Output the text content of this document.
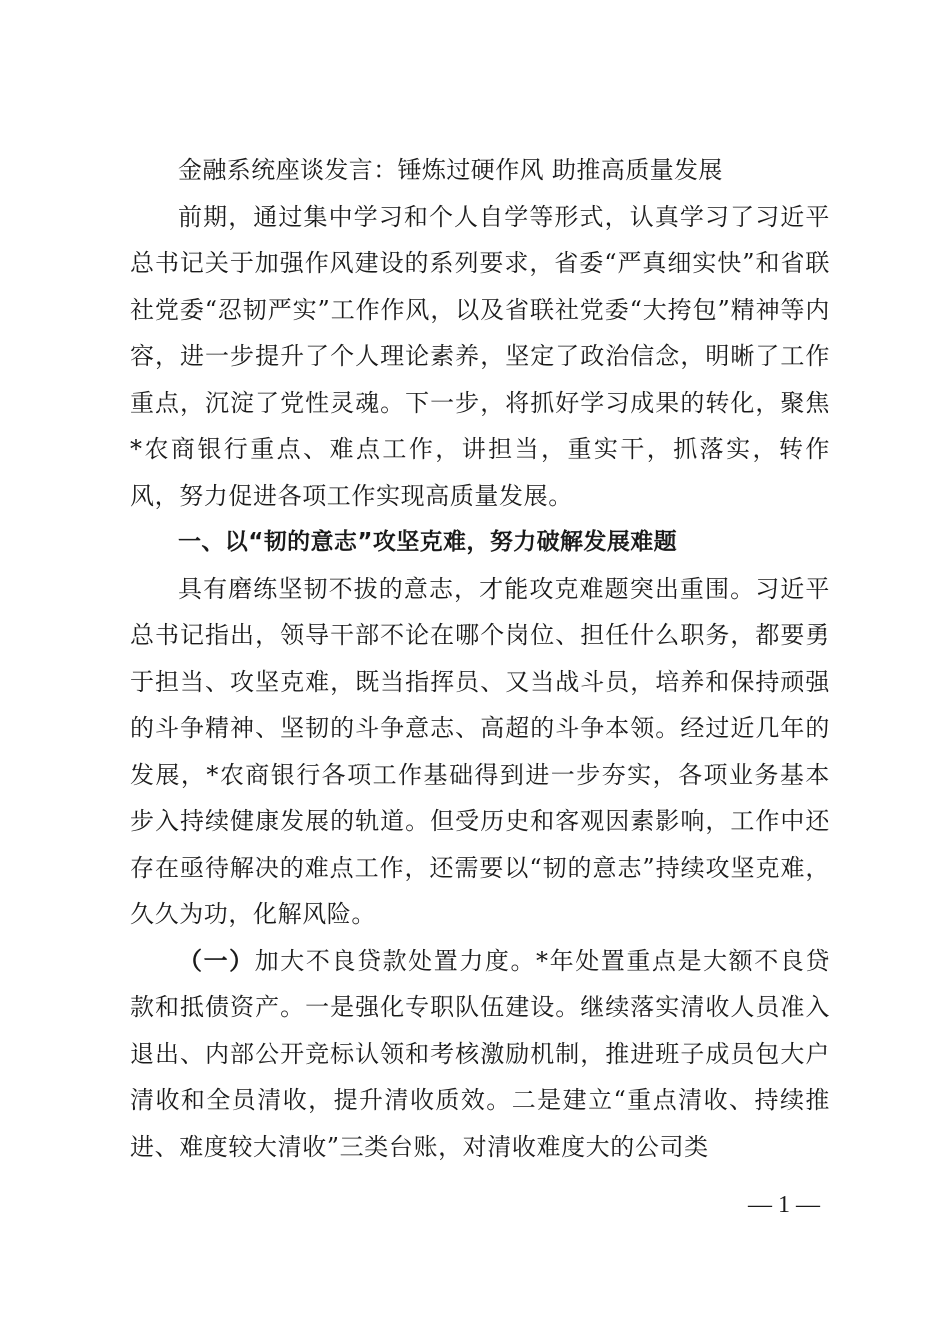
金融系统座谈发言：锤炼过硬作风 助推高质量发展

前期，通过集中学习和个人自学等形式，认真学习了习近平总书记关于加强作风建设的系列要求，省委“严真细实快”和省联社党委“忍韧严实”工作作风，以及省联社党委“大挎包”精神等内容，进一步提升了个人理论素养，坚定了政治信念，明晰了工作重点，沉淀了党性灵魂。下一步，将抓好学习成果的转化，聚焦*农商银行重点、难点工作，讲担当，重实干，抓落实，转作风，努力促进各项工作实现高质量发展。

一、以“韧的意志”攻坚克难，努力破解发展难题

具有磨练坚韧不拔的意志，才能攻克难题突出重围。习近平总书记指出，领导干部不论在哪个岗位、担任什么职务，都要勇于担当、攻坚克难，既当指挥员、又当战斗员，培养和保持顽强的斗争精神、坚韧的斗争意志、高超的斗争本领。经过近几年的发展，*农商银行各项工作基础得到进一步夯实，各项业务基本步入持续健康发展的轨道。但受历史和客观因素影响，工作中还存在亟待解决的难点工作，还需要以“韧的意志”持续攻坚克难，久久为功，化解风险。

（一）加大不良贷款处置力度。*年处置重点是大额不良贷款和抵债资产。一是强化专职队伍建设。继续落实清收人员准入退出、内部公开竞标认领和考核激励机制，推进班子成员包大户清收和全员清收，提升清收质效。二是建立“重点清收、持续推进、难度较大清收”三类台账，对清收难度大的公司类

— 1 —
